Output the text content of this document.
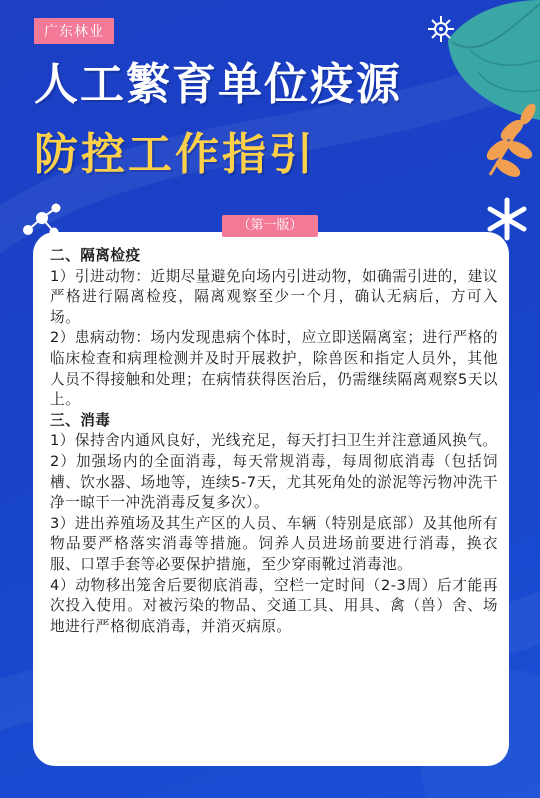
广东林业
人工繁育单位疫源
防控工作指引
（第一版）
二、隔离检疫
1）引进动物：近期尽量避免向场内引进动物，如确需引进的，建议严格进行隔离检疫，隔离观察至少一个月，确认无病后，方可入场。
2）患病动物：场内发现患病个体时，应立即送隔离室；进行严格的临床检查和病理检测并及时开展救护，除兽医和指定人员外，其他人员不得接触和处理；在病情获得医治后，仍需继续隔离观察5天以上。
三、消毒
1）保持舍内通风良好，光线充足，每天打扫卫生并注意通风换气。
2）加强场内的全面消毒，每天常规消毒，每周彻底消毒（包括饲槽、饮水器、场地等，连续5-7天，尤其死角处的淤泥等污物冲洗干净一晾干一冲洗消毒反复多次）。
3）进出养殖场及其生产区的人员、车辆（特别是底部）及其他所有物品要严格落实消毒等措施。饲养人员进场前要进行消毒，换衣服、口罩手套等必要保护措施，至少穿雨靴过消毒池。
4）动物移出笼舍后要彻底消毒，空栏一定时间（2-3周）后才能再次投入使用。对被污染的物品、交通工具、用具、禽（兽）舍、场地进行严格彻底消毒，并消灭病原。
